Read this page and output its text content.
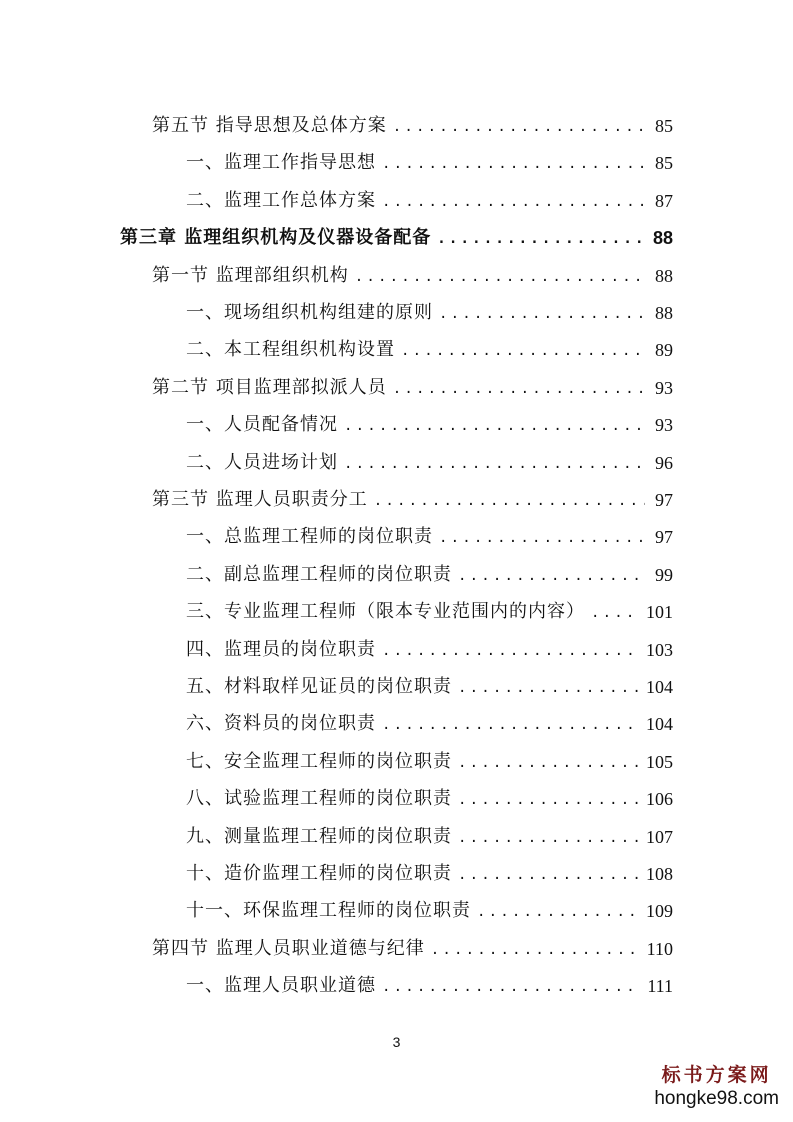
第五节 指导思想及总体方案 .....	85
一、监理工作指导思想 .....	85
二、监理工作总体方案 .....	87
第三章 监理组织机构及仪器设备配备 .....	88
第一节 监理部组织机构 .....	88
一、现场组织机构组建的原则 .....	88
二、本工程组织机构设置 .....	89
第二节 项目监理部拟派人员 .....	93
一、人员配备情况 .....	93
二、人员进场计划 .....	96
第三节 监理人员职责分工 .....	97
一、总监理工程师的岗位职责 .....	97
二、副总监理工程师的岗位职责 .....	99
三、专业监理工程师（限本专业范围内的内容） .....	101
四、监理员的岗位职责 .....	103
五、材料取样见证员的岗位职责 .....	104
六、资料员的岗位职责 .....	104
七、安全监理工程师的岗位职责 .....	105
八、试验监理工程师的岗位职责 .....	106
九、测量监理工程师的岗位职责 .....	107
十、造价监理工程师的岗位职责 .....	108
十一、环保监理工程师的岗位职责 .....	109
第四节 监理人员职业道德与纪律 .....	110
一、监理人员职业道德 .....	111
3
标书方案网
hongke98.com
